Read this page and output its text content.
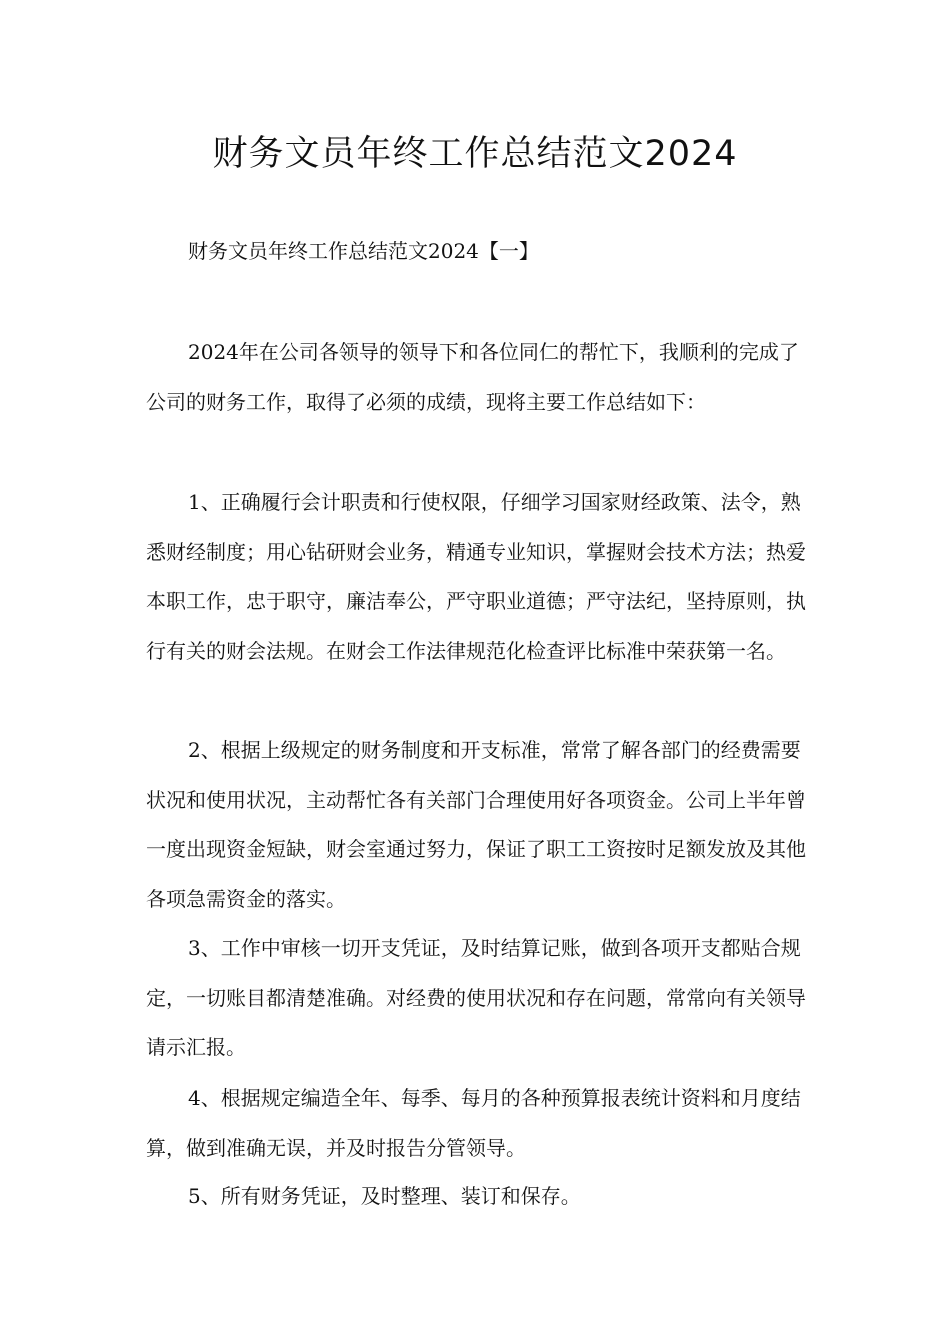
财务文员年终工作总结范文2024

财务文员年终工作总结范文2024【一】

2024年在公司各领导的领导下和各位同仁的帮忙下，我顺利的完成了公司的财务工作，取得了必须的成绩，现将主要工作总结如下：

1、正确履行会计职责和行使权限，仔细学习国家财经政策、法令，熟悉财经制度；用心钻研财会业务，精通专业知识，掌握财会技术方法；热爱本职工作，忠于职守，廉洁奉公，严守职业道德；严守法纪，坚持原则，执行有关的财会法规。在财会工作法律规范化检查评比标准中荣获第一名。

2、根据上级规定的财务制度和开支标准，常常了解各部门的经费需要状况和使用状况，主动帮忙各有关部门合理使用好各项资金。公司上半年曾一度出现资金短缺，财会室通过努力，保证了职工工资按时足额发放及其他各项急需资金的落实。

3、工作中审核一切开支凭证，及时结算记账，做到各项开支都贴合规定，一切账目都清楚准确。对经费的使用状况和存在问题，常常向有关领导请示汇报。

4、根据规定编造全年、每季、每月的各种预算报表统计资料和月度结算，做到准确无误，并及时报告分管领导。

5、所有财务凭证，及时整理、装订和保存。
